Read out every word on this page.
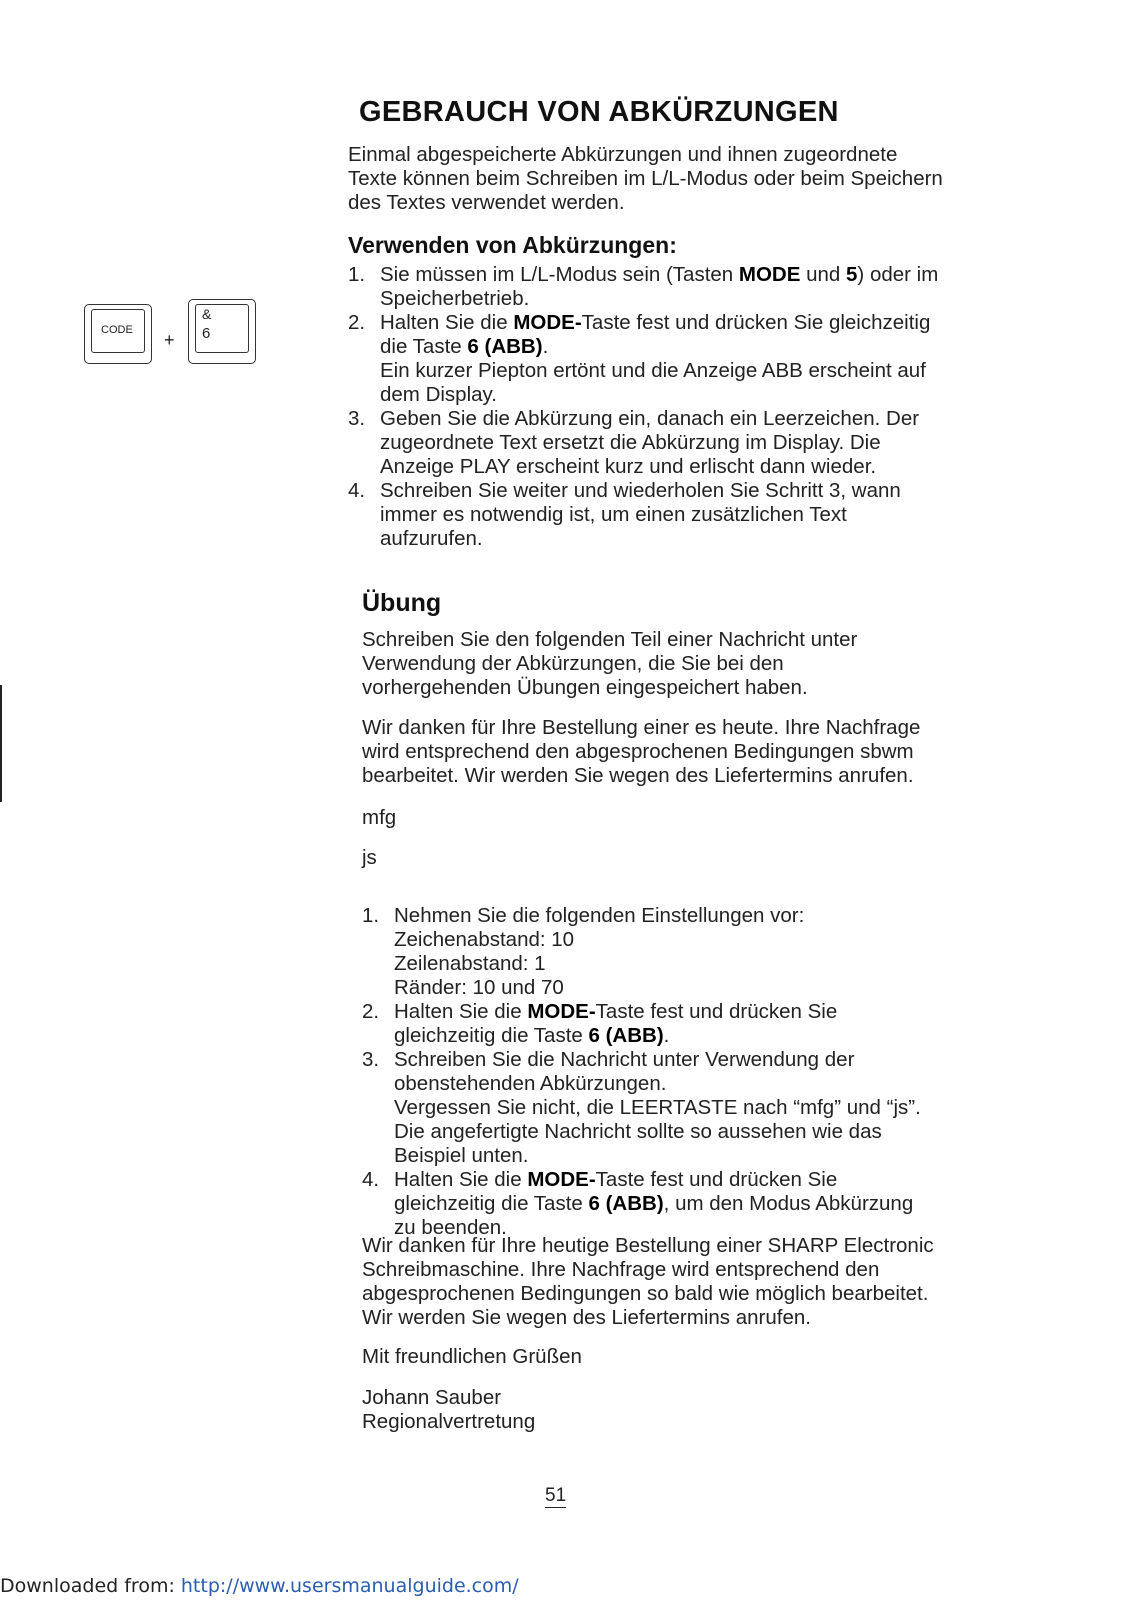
GEBRAUCH VON ABKÜRZUNGEN
Einmal abgespeicherte Abkürzungen und ihnen zugeordnete
Texte können beim Schreiben im L/L-Modus oder beim Speichern
des Textes verwendet werden.
Verwenden von Abkürzungen:
1. Sie müssen im L/L-Modus sein (Tasten MODE und 5) oder im
Speicherbetrieb.
2. Halten Sie die MODE-Taste fest und drücken Sie gleichzeitig
die Taste 6 (ABB).
Ein kurzer Piepton ertönt und die Anzeige ABB erscheint auf
dem Display.
3. Geben Sie die Abkürzung ein, danach ein Leerzeichen. Der
zugeordnete Text ersetzt die Abkürzung im Display. Die
Anzeige PLAY erscheint kurz und erlischt dann wieder.
4. Schreiben Sie weiter und wiederholen Sie Schritt 3, wann
immer es notwendig ist, um einen zusätzlichen Text
aufzurufen.
CODE +
&
6
Übung
Schreiben Sie den folgenden Teil einer Nachricht unter
Verwendung der Abkürzungen, die Sie bei den
vorhergehenden Übungen eingespeichert haben.
Wir danken für Ihre Bestellung einer es heute. Ihre Nachfrage
wird entsprechend den abgesprochenen Bedingungen sbwm
bearbeitet. Wir werden Sie wegen des Liefertermins anrufen.
mfg
js
1. Nehmen Sie die folgenden Einstellungen vor:
Zeichenabstand: 10
Zeilenabstand: 1
Ränder: 10 und 70
2. Halten Sie die MODE-Taste fest und drücken Sie
gleichzeitig die Taste 6 (ABB).
3. Schreiben Sie die Nachricht unter Verwendung der
obenstehenden Abkürzungen.
Vergessen Sie nicht, die LEERTASTE nach “mfg” und “js”.
Die angefertigte Nachricht sollte so aussehen wie das
Beispiel unten.
4. Halten Sie die MODE-Taste fest und drücken Sie
gleichzeitig die Taste 6 (ABB), um den Modus Abkürzung
zu beenden.
Wir danken für Ihre heutige Bestellung einer SHARP Electronic
Schreibmaschine. Ihre Nachfrage wird entsprechend den
abgesprochenen Bedingungen so bald wie möglich bearbeitet.
Wir werden Sie wegen des Liefertermins anrufen.
Mit freundlichen Grüßen
Johann Sauber
Regionalvertretung
51
Downloaded from: http://www.usersmanualguide.com/
